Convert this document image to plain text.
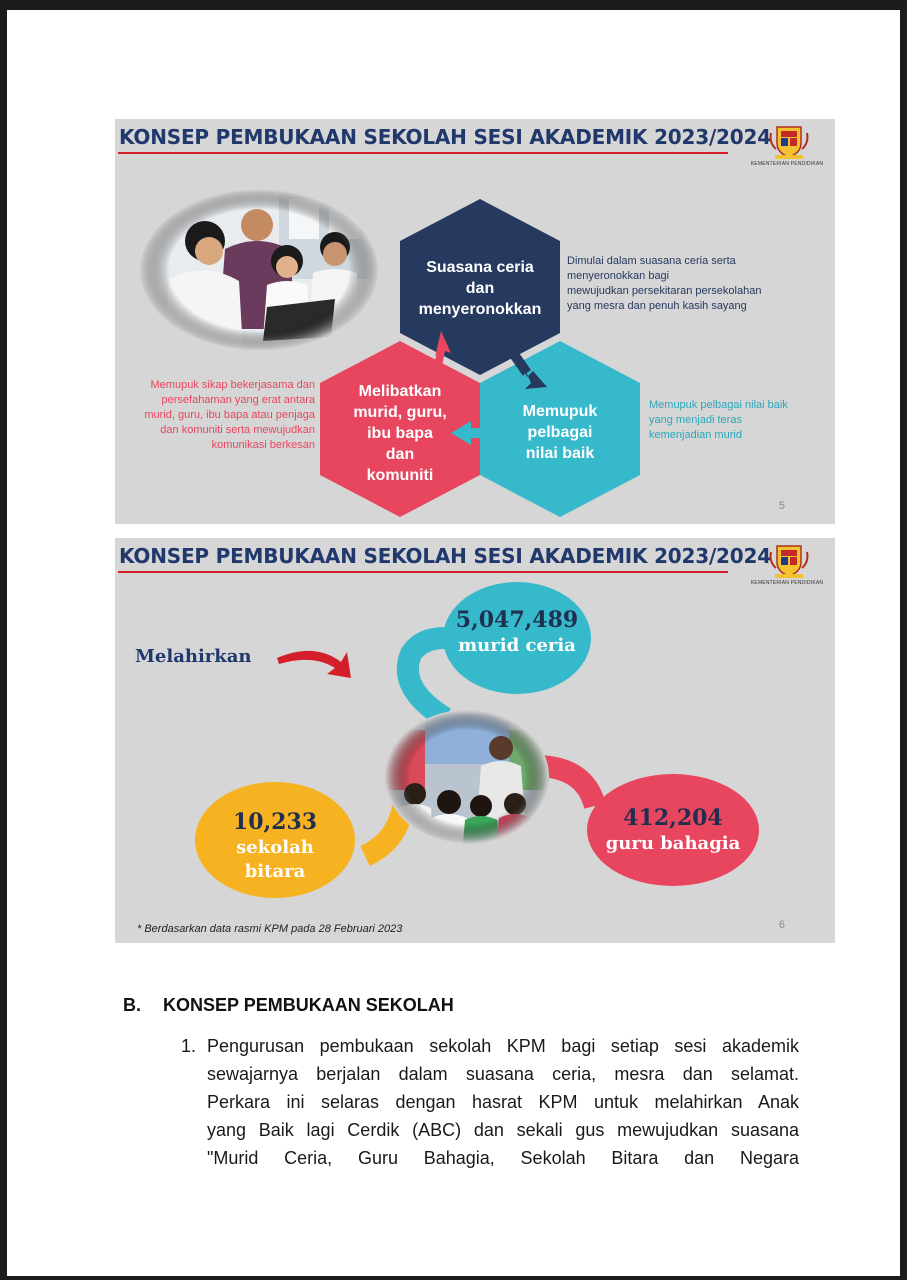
KONSEP PEMBUKAAN SEKOLAH SESI AKADEMIK 2023/2024
KEMENTERIAN PENDIDIKAN
Suasana ceria
dan
menyeronokkan
Melibatkan
murid, guru,
ibu bapa
dan
komuniti
Memupuk
pelbagai
nilai baik
Dimulai dalam suasana ceria serta
menyeronokkan bagi
mewujudkan persekitaran persekolahan
yang mesra dan penuh kasih sayang
Memupuk sikap bekerjasama dan
persefahaman yang erat antara
murid, guru, ibu bapa atau penjaga
dan komuniti serta mewujudkan
komunikasi berkesan
Memupuk pelbagai nilai baik
yang menjadi teras
kemenjadian murid
5
KONSEP PEMBUKAAN SEKOLAH SESI AKADEMIK 2023/2024
KEMENTERIAN PENDIDIKAN
Melahirkan
5,047,489
murid ceria
412,204
guru bahagia
10,233
sekolah
bitara
* Berdasarkan data rasmi KPM pada 28 Februari 2023	6
B. KONSEP PEMBUKAAN SEKOLAH
1. Pengurusan pembukaan sekolah KPM bagi setiap sesi akademik
sewajarnya berjalan dalam suasana ceria, mesra dan selamat.
Perkara ini selaras dengan hasrat KPM untuk melahirkan Anak
yang Baik lagi Cerdik (ABC) dan sekali gus mewujudkan suasana
"Murid Ceria, Guru Bahagia, Sekolah Bitara dan Negara
